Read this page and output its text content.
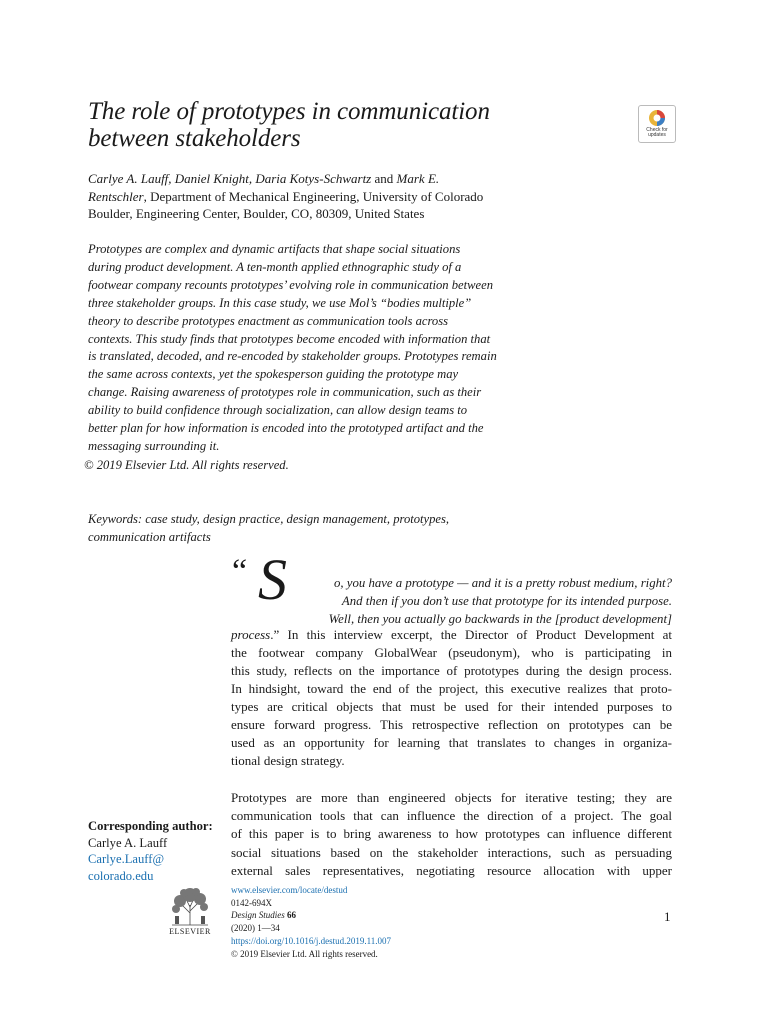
The role of prototypes in communication
between stakeholders	Check for
updates

Carlye A. Lauff, Daniel Knight, Daria Kotys-Schwartz and Mark E.
Rentschler, Department of Mechanical Engineering, University of Colorado
Boulder, Engineering Center, Boulder, CO, 80309, United States

Prototypes are complex and dynamic artifacts that shape social situations
during product development. A ten-month applied ethnographic study of a
footwear company recounts prototypes’ evolving role in communication between
three stakeholder groups. In this case study, we use Mol’s “bodies multiple”
theory to describe prototypes enactment as communication tools across
contexts. This study finds that prototypes become encoded with information that
is translated, decoded, and re-encoded by stakeholder groups. Prototypes remain
the same across contexts, yet the spokesperson guiding the prototype may
change. Raising awareness of prototypes role in communication, such as their
ability to build confidence through socialization, can allow design teams to
better plan for how information is encoded into the prototyped artifact and the
messaging surrounding it.

© 2019 Elsevier Ltd. All rights reserved.

Keywords: case study, design practice, design management, prototypes,
communication artifacts

“ S	o, you have a prototype — and it is a pretty robust medium, right?

And then if you don’t use that prototype for its intended purpose.

Well, then you actually go backwards in the [product development]

process.” In this interview excerpt, the Director of Product Development at
the footwear company GlobalWear (pseudonym), who is participating in
this study, reflects on the importance of prototypes during the design process.
In hindsight, toward the end of the project, this executive realizes that proto-
types are critical objects that must be used for their intended purposes to
ensure forward progress. This retrospective reflection on prototypes can be
used as an opportunity for learning that translates to changes in organiza-
tional design strategy.

Prototypes are more than engineered objects for iterative testing; they are
communication tools that can influence the direction of a project. The goal
of this paper is to bring awareness to how prototypes can influence different
social situations based on the stakeholder interactions, such as persuading
external sales representatives, negotiating resource allocation with upper

Corresponding author:
Carlye A. Lauff
Carlye.Lauff@
colorado.edu

ELSEVIER

www.elsevier.com/locate/destud
0142-694X
Design Studies 66
(2020) 1—34
https://doi.org/10.1016/j.destud.2019.11.007
© 2019 Elsevier Ltd. All rights reserved.

1
